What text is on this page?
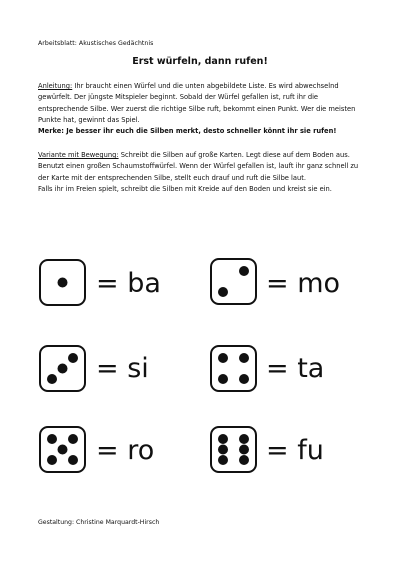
Arbeitsblatt: Akustisches Gedächtnis
Erst würfeln, dann rufen!
Anleitung: Ihr braucht einen Würfel und die unten abgebildete Liste. Es wird abwechselnd gewürfelt. Der jüngste Mitspieler beginnt. Sobald der Würfel gefallen ist, ruft ihr die entsprechende Silbe. Wer zuerst die richtige Silbe ruft, bekommt einen Punkt. Wer die meisten Punkte hat, gewinnt das Spiel.
Merke: Je besser ihr euch die Silben merkt, desto schneller könnt ihr sie rufen!
Variante mit Bewegung: Schreibt die Silben auf große Karten. Legt diese auf dem Boden aus. Benutzt einen großen Schaumstoffwürfel. Wenn der Würfel gefallen ist, lauft ihr ganz schnell zu der Karte mit der entsprechenden Silbe, stellt euch drauf und ruft die Silbe laut.
Falls ihr im Freien spielt, schreibt die Silben mit Kreide auf den Boden und kreist sie ein.
= ba	= mo
= si	= ta
= ro	= fu
Gestaltung: Christine Marquardt-Hirsch
